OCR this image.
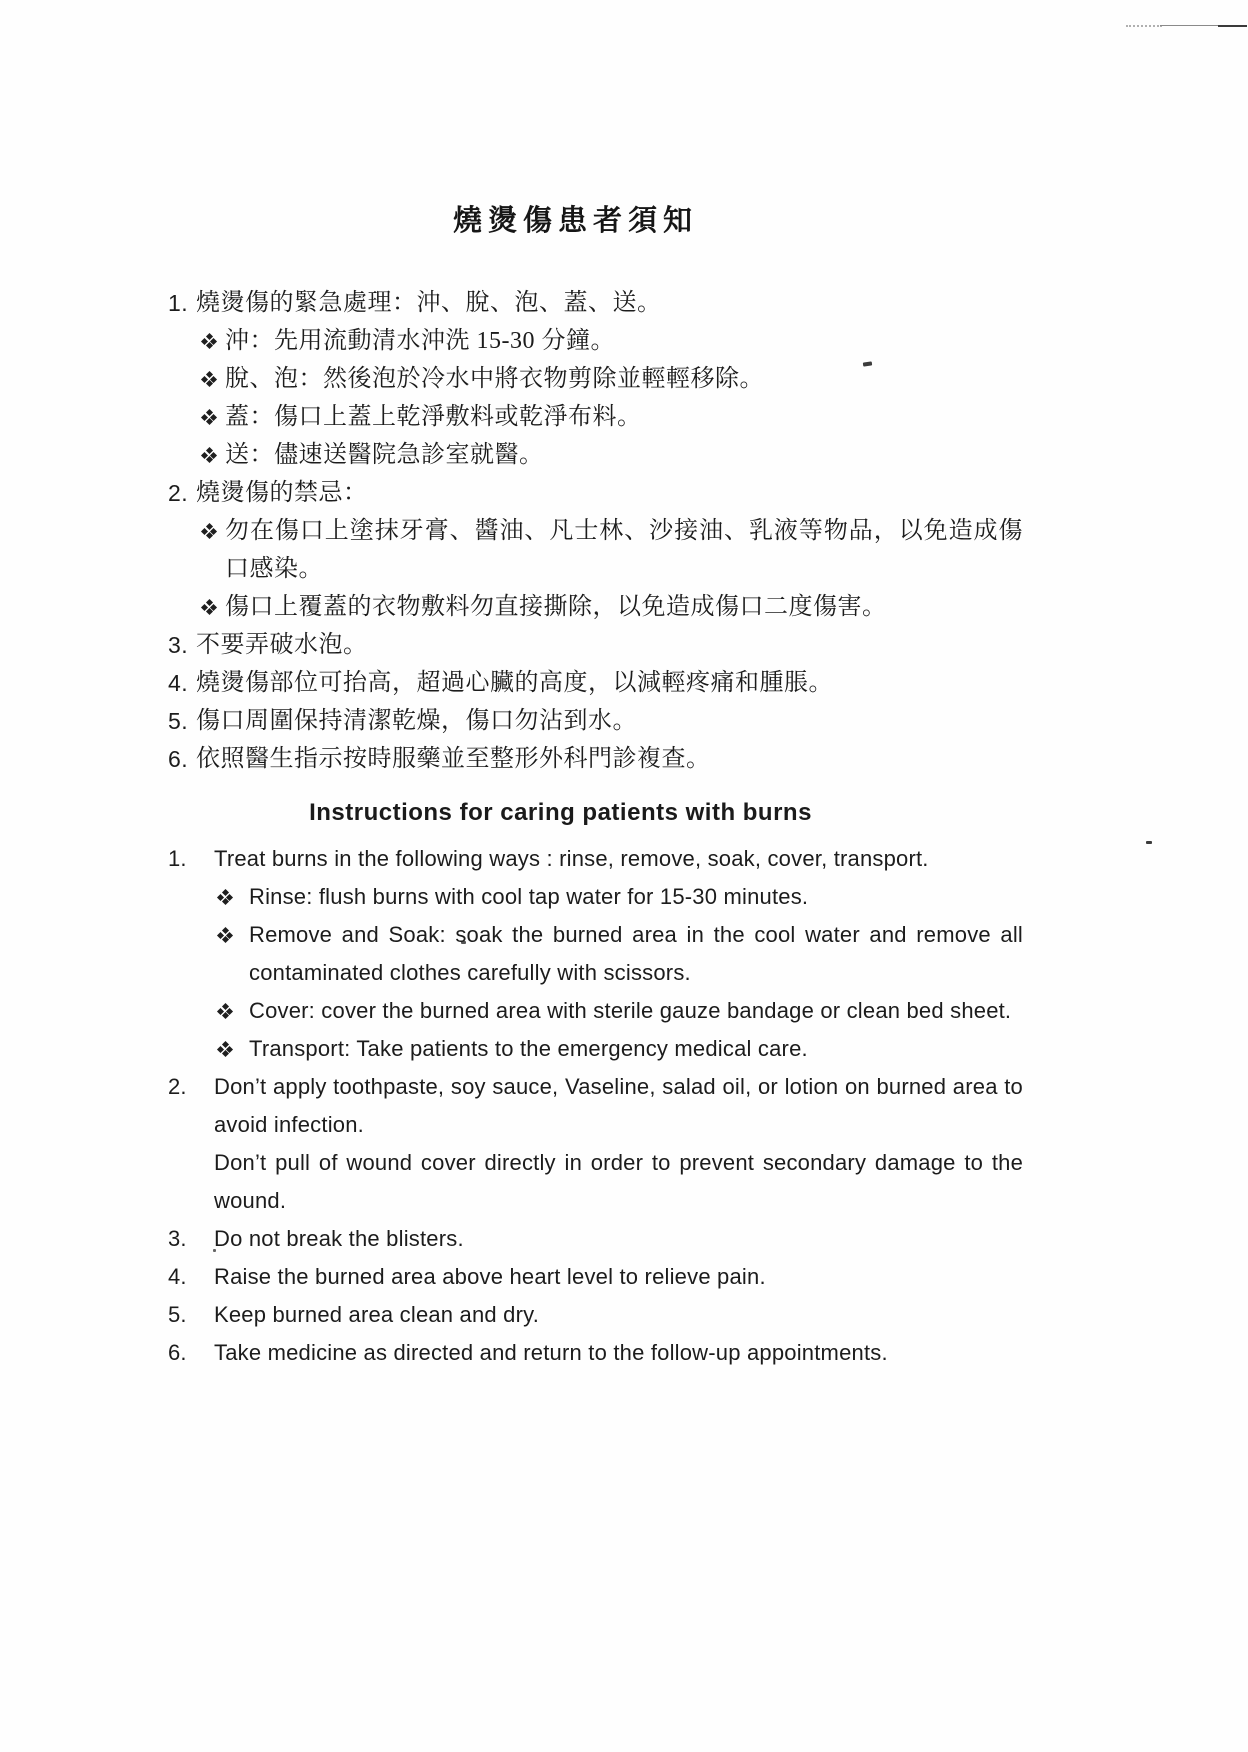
燒燙傷患者須知
1. 燒燙傷的緊急處理：沖、脫、泡、蓋、送。
沖：先用流動清水沖洗 15-30 分鐘。
脫、泡：然後泡於冷水中將衣物剪除並輕輕移除。
蓋：傷口上蓋上乾淨敷料或乾淨布料。
送：儘速送醫院急診室就醫。
2. 燒燙傷的禁忌：
勿在傷口上塗抹牙膏、醬油、凡士林、沙接油、乳液等物品，以免造成傷口感染。
傷口上覆蓋的衣物敷料勿直接撕除，以免造成傷口二度傷害。
3. 不要弄破水泡。
4. 燒燙傷部位可抬高，超過心臟的高度，以減輕疼痛和腫脹。
5. 傷口周圍保持清潔乾燥，傷口勿沾到水。
6. 依照醫生指示按時服藥並至整形外科門診複查。
Instructions for caring patients with burns
1.	Treat burns in the following ways : rinse, remove, soak, cover, transport.
Rinse: flush burns with cool tap water for 15-30 minutes.
Remove and Soak: soak the burned area in the cool water and remove all contaminated clothes carefully with scissors.
Cover: cover the burned area with sterile gauze bandage or clean bed sheet.
Transport: Take patients to the emergency medical care.
2.	Don’t apply toothpaste, soy sauce, Vaseline, salad oil, or lotion on burned area to avoid infection.
Don’t pull of wound cover directly in order to prevent secondary damage to the wound.
3.	Do not break the blisters.
4.	Raise the burned area above heart level to relieve pain.
5.	Keep burned area clean and dry.
6.	Take medicine as directed and return to the follow-up appointments.
